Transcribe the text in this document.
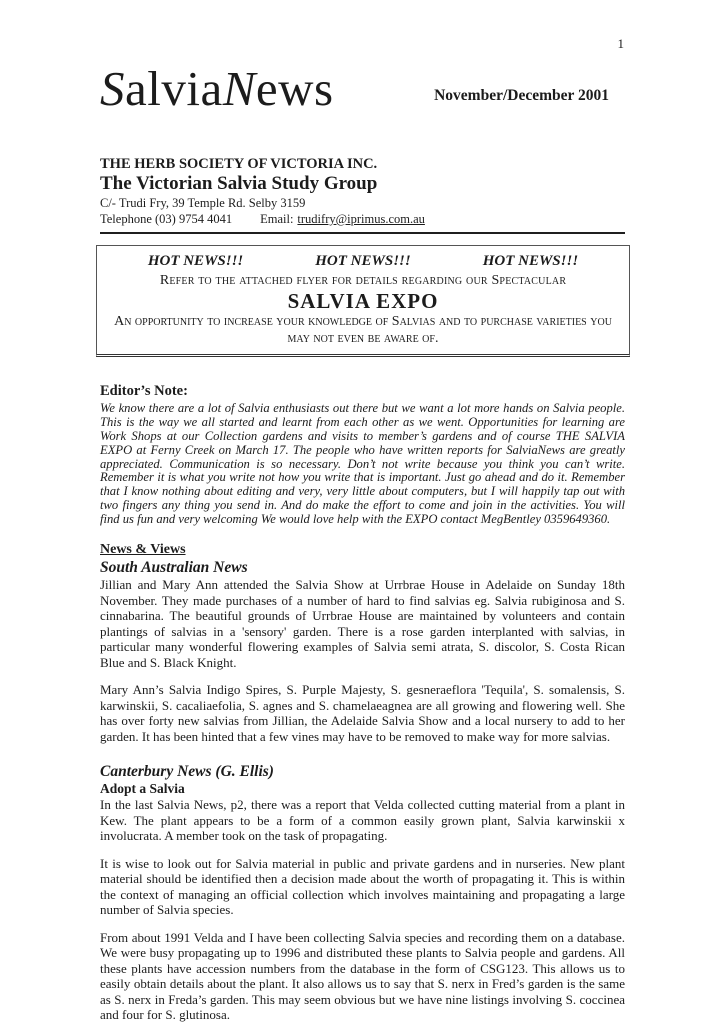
1
SalviaNews	November/December 2001
THE HERB SOCIETY OF VICTORIA INC.
The Victorian Salvia Study Group
C/- Trudi Fry, 39 Temple Rd. Selby 3159
Telephone (03) 9754 4041 Email: trudifry@iprimus.com.au
HOT NEWS!!!	HOT NEWS!!!	HOT NEWS!!!
Refer to the attached flyer for details regarding our Spectacular
SALVIA EXPO
An opportunity to increase your knowledge of Salvias and to purchase varieties you may not even be aware of.
Editor’s Note:

We know there are a lot of Salvia enthusiasts out there but we want a lot more hands on Salvia people. This is the way we all started and learnt from each other as we went. Opportunities for learning are Work Shops at our Collection gardens and visits to member’s gardens and of course THE SALVIA EXPO at Ferny Creek on March 17. The people who have written reports for SalviaNews are greatly appreciated. Communication is so necessary. Don’t not write because you think you can’t write. Remember it is what you write not how you write that is important. Just go ahead and do it. Remember that I know nothing about editing and very, very little about computers, but I will happily tap out with two fingers any thing you send in. And do make the effort to come and join in the activities. You will find us fun and very welcoming We would love help with the EXPO contact MegBentley 0359649360.

News & Views
South Australian News

Jillian and Mary Ann attended the Salvia Show at Urrbrae House in Adelaide on Sunday 18th November. They made purchases of a number of hard to find salvias eg. Salvia rubiginosa and S. cinnabarina. The beautiful grounds of Urrbrae House are maintained by volunteers and contain plantings of salvias in a 'sensory' garden. There is a rose garden interplanted with salvias, in particular many wonderful flowering examples of Salvia semi atrata, S. discolor, S. Costa Rican Blue and S. Black Knight.

Mary Ann’s Salvia Indigo Spires, S. Purple Majesty, S. gesneraeflora 'Tequila', S. somalensis, S. karwinskii, S. cacaliaefolia, S. agnes and S. chamelaeagnea are all growing and flowering well. She has over forty new salvias from Jillian, the Adelaide Salvia Show and a local nursery to add to her garden. It has been hinted that a few vines may have to be removed to make way for more salvias.

Canterbury News (G. Ellis)
Adopt a Salvia

In the last Salvia News, p2, there was a report that Velda collected cutting material from a plant in Kew. The plant appears to be a form of a common easily grown plant, Salvia karwinskii x involucrata. A member took on the task of propagating.

It is wise to look out for Salvia material in public and private gardens and in nurseries. New plant material should be identified then a decision made about the worth of propagating it. This is within the context of managing an official collection which involves maintaining and propagating a large number of Salvia species.

From about 1991 Velda and I have been collecting Salvia species and recording them on a database. We were busy propagating up to 1996 and distributed these plants to Salvia people and gardens. All these plants have accession numbers from the database in the form of CSG123. This allows us to easily obtain details about the plant. It also allows us to say that S. nerx in Fred’s garden is the same as S. nerx in Freda’s garden. This may seem obvious but we have nine listings involving S. coccinea and four for S. glutinosa.
